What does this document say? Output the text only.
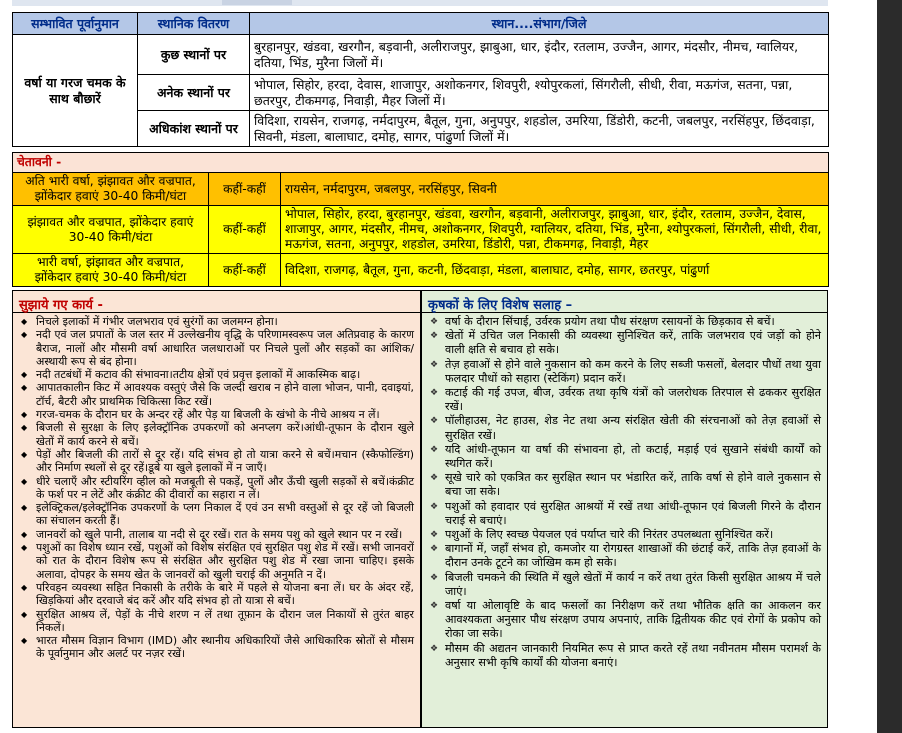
सम्भावित पूर्वानुमान	स्थानिक वितरण	स्थान....संभाग/जिले
वर्षा या गरज चमक के साथ बौछारें	कुछ स्थानों पर	बुरहानपुर, खंडवा, खरगौन, बड़वानी, अलीराजपुर, झाबुआ, धार, इंदौर, रतलाम, उज्जैन, आगर, मंदसौर, नीमच, ग्वालियर, दतिया, भिंड, मुरैना जिलों में।
	अनेक स्थानों पर	भोपाल, सिहोर, हरदा, देवास, शाजापुर, अशोकनगर, शिवपुरी, श्योपुरकलां, सिंगरौली, सीधी, रीवा, मऊगंज, सतना, पन्ना, छतरपुर, टीकमगढ़, निवाड़ी, मैहर जिलों में।
	अधिकांश स्थानों पर	विदिशा, रायसेन, राजगढ़, नर्मदापुरम, बैतूल, गुना, अनुपपुर, शहडोल, उमरिया, डिंडोरी, कटनी, जबलपुर, नरसिंहपुर, छिंदवाड़ा, सिवनी, मंडला, बालाघाट, दमोह, सागर, पांढुर्णा जिलों में।
चेतावनी -		
अति भारी वर्षा, झंझावत और वज्रपात, झोंकेदार हवाएं 30-40 किमी/घंटा	कहीं-कहीं	रायसेन, नर्मदापुरम, जबलपुर, नरसिंहपुर, सिवनी
झंझावत और वज्रपात, झोंकेदार हवाएं 30-40 किमी/घंटा	कहीं-कहीं	भोपाल, सिहोर, हरदा, बुरहानपुर, खंडवा, खरगौन, बड़वानी, अलीराजपुर, झाबुआ, धार, इंदौर, रतलाम, उज्जैन, देवास, शाजापुर, आगर, मंदसौर, नीमच, अशोकनगर, शिवपुरी, ग्वालियर, दतिया, भिंड, मुरैना, श्योपुरकलां, सिंगरौली, सीधी, रीवा, मऊगंज, सतना, अनुपपुर, शहडोल, उमरिया, डिंडोरी, पन्ना, टीकमगढ़, निवाड़ी, मैहर
भारी वर्षा, झंझावत और वज्रपात, झोंकेदार हवाएं 30-40 किमी/घंटा	कहीं-कहीं	विदिशा, राजगढ़, बैतूल, गुना, कटनी, छिंदवाड़ा, मंडला, बालाघाट, दमोह, सागर, छतरपुर, पांढुर्णा
सुझाये गए कार्य -
◆ निचले इलाकों में गंभीर जलभराव एवं सुरंगों का जलमग्न होना।
◆ नदी एवं जल प्रपातों के जल स्तर में उल्लेखनीय वृद्धि के परिणामस्वरूप जल अतिप्रवाह के कारण बैराज, नालों और मौसमी वर्षा आधारित जलधाराओं पर निचले पुलों और सड़कों का आंशिक/अस्थायी रूप से बंद होना।
◆ नदी तटबंधों में कटाव की संभावना।तटीय क्षेत्रों एवं प्रवृत्त इलाकों में आकस्मिक बाढ़।
◆ आपातकालीन किट में आवश्यक वस्तुएं जैसे कि जल्दी खराब न होने वाला भोजन, पानी, दवाइयां, टॉर्च, बैटरी और प्राथमिक चिकित्सा किट रखें।
◆ गरज-चमक के दौरान घर के अन्दर रहें और पेड़ या बिजली के खंभो के नीचे आश्रय न लें।
◆ बिजली से सुरक्षा के लिए इलेक्ट्रॉनिक उपकरणों को अनप्लग करें।आंधी-तूफान के दौरान खुले खेतों में कार्य करने से बचें।
◆ पेड़ों और बिजली की तारों से दूर रहें। यदि संभव हो तो यात्रा करने से बचें।मचान (स्कैफोल्डिंग) और निर्माण स्थलों से दूर रहें।डूबे या खुले इलाकों में न जाएँ।
◆ धीरे चलाएँ और स्टीयरिंग व्हील को मजबूती से पकड़ें, पुलों और ऊँची खुली सड़कों से बचें।कंक्रीट के फर्श पर न लेटें और कंक्रीट की दीवारों का सहारा न लें।
◆ इलेक्ट्रिकल/इलेक्ट्रॉनिक उपकरणों के प्लग निकाल दें एवं उन सभी वस्तुओं से दूर रहें जो बिजली का संचालन करती हैं।
◆ जानवरों को खुले पानी, तालाब या नदी से दूर रखें। रात के समय पशु को खुले स्थान पर न रखें।
◆ पशुओं का विशेष ध्यान रखें, पशुओं को विशेष संरक्षित एवं सुरक्षित पशु शेड में रखें। सभी जानवरों को रात के दौरान विशेष रूप से संरक्षित और सुरक्षित पशु शेड में रखा जाना चाहिए। इसके अलावा, दोपहर के समय खेत के जानवरों को खुली चराई की अनुमति न दें।
◆ परिवहन व्यवस्था सहित निकासी के तरीके के बारे में पहले से योजना बना लें। घर के अंदर रहें, खिड़कियां और दरवाजे बंद करें और यदि संभव हो तो यात्रा से बचें।
◆ सुरक्षित आश्रय लें, पेड़ों के नीचे शरण न लें तथा तूफ़ान के दौरान जल निकायों से तुरंत बाहर निकलें।
◆ भारत मौसम विज्ञान विभाग (IMD) और स्थानीय अधिकारियों जैसे आधिकारिक स्रोतों से मौसम के पूर्वानुमान और अलर्ट पर नज़र रखें।
कृषकों के लिए विशेष सलाह –
❖ वर्षा के दौरान सिंचाई, उर्वरक प्रयोग तथा पौध संरक्षण रसायनों के छिड़काव से बचें।
❖ खेतों में उचित जल निकासी की व्यवस्था सुनिश्चित करें, ताकि जलभराव एवं जड़ों को होने वाली क्षति से बचाव हो सके।
❖ तेज़ हवाओं से होने वाले नुकसान को कम करने के लिए सब्जी फसलों, बेलदार पौधों तथा युवा फलदार पौधों को सहारा (स्टेकिंग) प्रदान करें।
❖ कटाई की गई उपज, बीज, उर्वरक तथा कृषि यंत्रों को जलरोधक तिरपाल से ढककर सुरक्षित रखें।
❖ पॉलीहाउस, नेट हाउस, शेड नेट तथा अन्य संरक्षित खेती की संरचनाओं को तेज़ हवाओं से सुरक्षित रखें।
❖ यदि आंधी-तूफान या वर्षा की संभावना हो, तो कटाई, मड़ाई एवं सुखाने संबंधी कार्यों को स्थगित करें।
❖ सूखे चारे को एकत्रित कर सुरक्षित स्थान पर भंडारित करें, ताकि वर्षा से होने वाले नुकसान से बचा जा सके।
❖ पशुओं को हवादार एवं सुरक्षित आश्रयों में रखें तथा आंधी-तूफान एवं बिजली गिरने के दौरान चराई से बचाएं।
❖ पशुओं के लिए स्वच्छ पेयजल एवं पर्याप्त चारे की निरंतर उपलब्धता सुनिश्चित करें।
❖ बागानों में, जहाँ संभव हो, कमजोर या रोगग्रस्त शाखाओं की छंटाई करें, ताकि तेज़ हवाओं के दौरान उनके टूटने का जोखिम कम हो सके।
❖ बिजली चमकने की स्थिति में खुले खेतों में कार्य न करें तथा तुरंत किसी सुरक्षित आश्रय में चले जाएं।
❖ वर्षा या ओलावृष्टि के बाद फसलों का निरीक्षण करें तथा भौतिक क्षति का आकलन कर आवश्यकता अनुसार पौध संरक्षण उपाय अपनाएं, ताकि द्वितीयक कीट एवं रोगों के प्रकोप को रोका जा सके।
❖ मौसम की अद्यतन जानकारी नियमित रूप से प्राप्त करते रहें तथा नवीनतम मौसम परामर्श के अनुसार सभी कृषि कार्यों की योजना बनाएं।
